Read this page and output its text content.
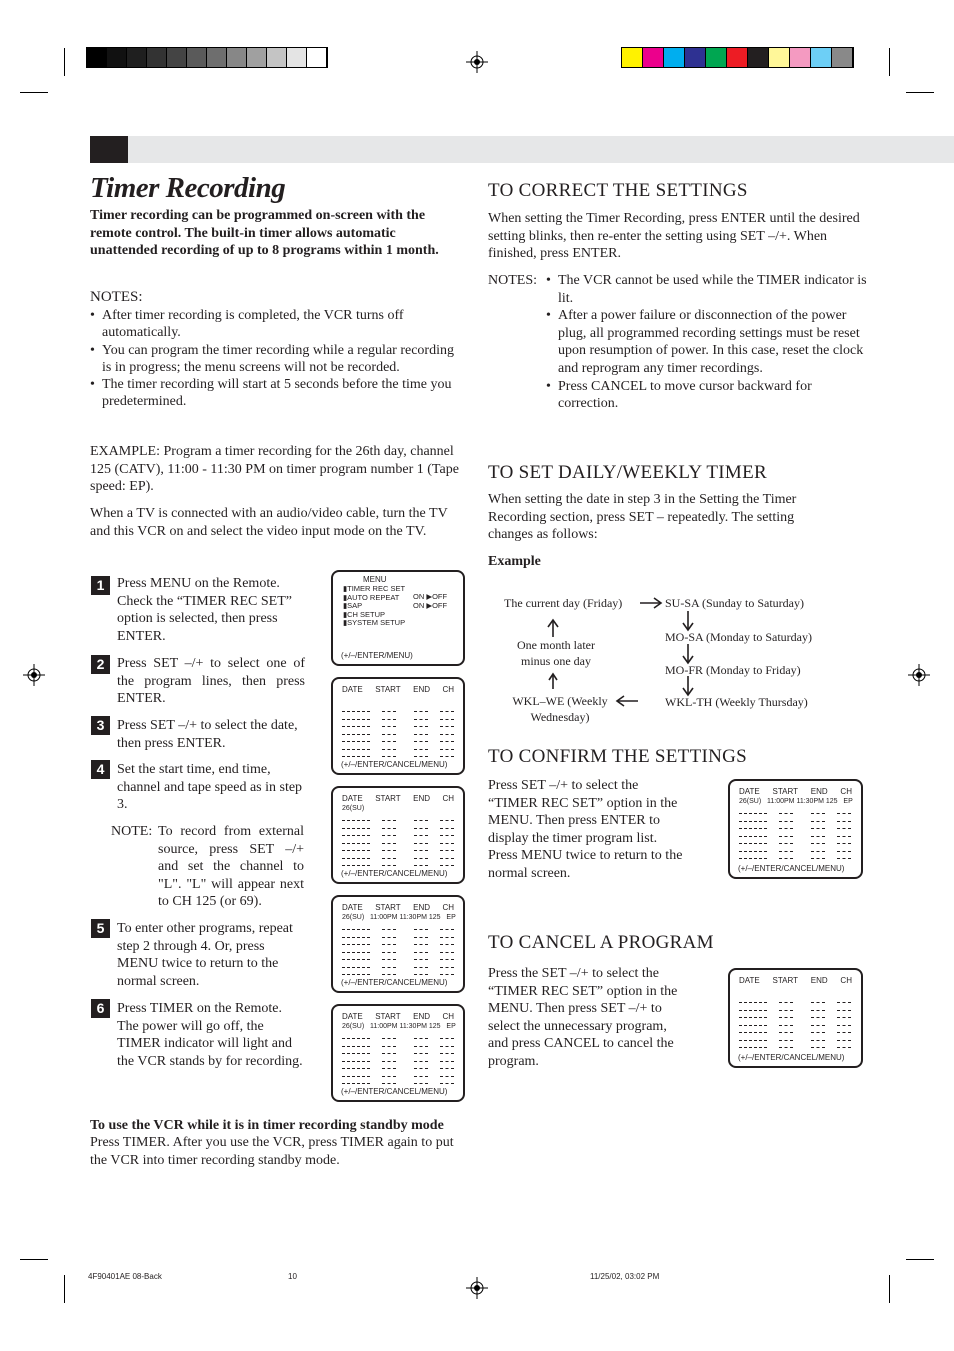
Timer Recording
Timer recording can be programmed on-screen with the remote control. The built-in timer allows automatic unattended recording of up to 8 programs within 1 month.
NOTES:
• After timer recording is completed, the VCR turns off automatically.
• You can program the timer recording while a regular recording is in progress; the menu screens will not be recorded.
• The timer recording will start at 5 seconds before the time you predetermined.
EXAMPLE: Program a timer recording for the 26th day, channel 125 (CATV), 11:00 - 11:30 PM on timer program number 1 (Tape speed: EP).
When a TV is connected with an audio/video cable, turn the TV and this VCR on and select the video input mode on the TV.
1 Press MENU on the Remote. Check the “TIMER REC SET” option is selected, then press ENTER.
2 Press SET –/+ to select one of the program lines, then press ENTER.
3 Press SET –/+ to select the date, then press ENTER.
4 Set the start time, end time, channel and tape speed as in step 3.
NOTE: To record from external source, press SET –/+ and set the channel to "L". "L" will appear next to CH 125 (or 69).
5 To enter other programs, repeat step 2 through 4. Or, press MENU twice to return to the normal screen.
6 Press TIMER on the Remote. The power will go off, the TIMER indicator will light and the VCR stands by for recording.
MENU
▮TIMER REC SET
▮AUTO REPEAT
▮SAP
▮CH SETUP
▮SYSTEM SETUP
ON ▶OFF
ON ▶OFF
(+/–/ENTER/MENU)
DATE START END CH
(+/–/ENTER/CANCEL/MENU)
DATE START END CH
26(SU)
(+/–/ENTER/CANCEL/MENU)
DATE START END CH
26(SU)   11:00PM 11:30PM 125   EP
(+/–/ENTER/CANCEL/MENU)
DATE START END CH
26(SU)   11:00PM 11:30PM 125   EP
(+/–/ENTER/CANCEL/MENU)
To use the VCR while it is in timer recording standby mode
Press TIMER. After you use the VCR, press TIMER again to put the VCR into timer recording standby mode.
TO CORRECT THE SETTINGS
When setting the Timer Recording, press ENTER until the desired setting blinks, then re-enter the setting using SET –/+. When finished, press ENTER.
NOTES:
•	The VCR cannot be used while the TIMER indicator is lit.
• After a power failure or disconnection of the power plug, all programmed recording settings must be reset upon resumption of power. In this case, reset the clock and reprogram any timer recordings.
• Press CANCEL to move cursor backward for correction.
TO SET DAILY/WEEKLY TIMER
When setting the date in step 3 in the Setting the Timer Recording section, press SET – repeatedly. The setting changes as follows:
Example
The current day (Friday)	SU-SA (Sunday to Saturday)
MO-SA (Monday to Saturday)
MO-FR (Monday to Friday)
WKL-TH (Weekly Thursday)
WKL–WE (Weekly Wednesday)
One month later minus one day
TO CONFIRM THE SETTINGS
Press SET –/+ to select the “TIMER REC SET” option in the MENU. Then press ENTER to display the timer program list. Press MENU twice to return to the normal screen.
DATE START END CH
26(SU)   11:00PM 11:30PM 125   EP
(+/–/ENTER/CANCEL/MENU)
TO CANCEL A PROGRAM
Press the SET –/+ to select the “TIMER REC SET” option in the MENU. Then press SET –/+ to select the unnecessary program, and press CANCEL to cancel the program.
DATE START END CH
(+/–/ENTER/CANCEL/MENU)
4F90401AE 08-Back	10	11/25/02, 03:02 PM
